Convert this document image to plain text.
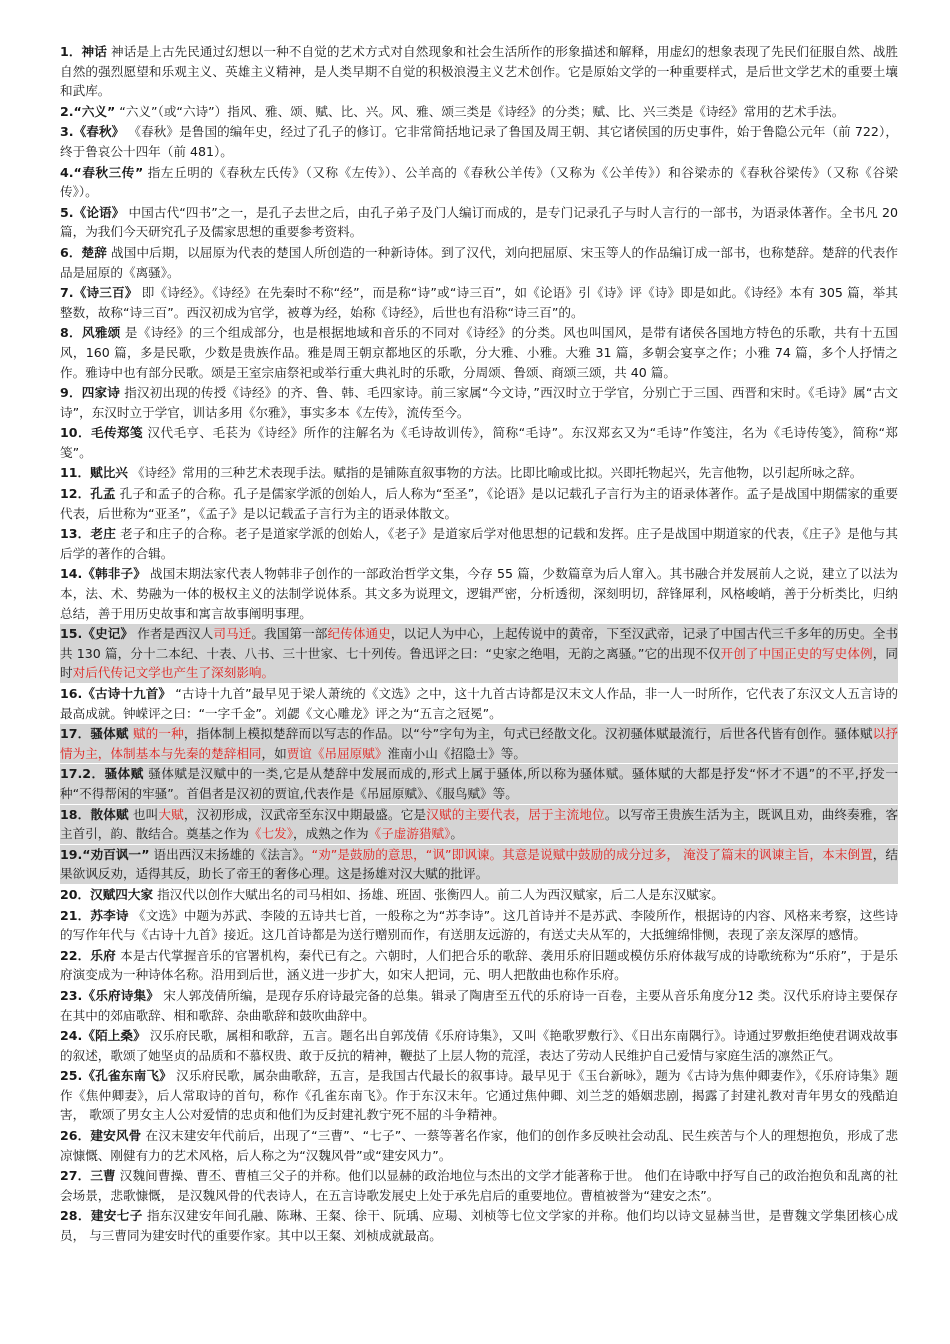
1．神话 神话是上古先民通过幻想以一种不自觉的艺术方式对自然现象和社会生活所作的形象描述和解释，用虚幻的想象表现了先民们征服自然、战胜自然的强烈愿望和乐观主义、英雄主义精神，是人类早期不自觉的积极浪漫主义艺术创作。它是原始文学的一种重要样式，是后世文学艺术的重要土壤和武库。

2.“六义” “六义”（或“六诗”）指风、雅、颂、赋、比、兴。风、雅、颂三类是《诗经》的分类；赋、比、兴三类是《诗经》常用的艺术手法。

3.《春秋》 《春秋》是鲁国的编年史，经过了孔子的修订。它非常简括地记录了鲁国及周王朝、其它诸侯国的历史事件，始于鲁隐公元年（前 722），终于鲁哀公十四年（前 481）。

4.“春秋三传” 指左丘明的《春秋左氏传》（又称《左传》）、公羊高的《春秋公羊传》（又称为《公羊传》）和谷梁赤的《春秋谷梁传》（又称《谷梁传》）。

5.《论语》 中国古代“四书”之一，是孔子去世之后，由孔子弟子及门人编订而成的，是专门记录孔子与时人言行的一部书，为语录体著作。全书凡 20 篇，为我们今天研究孔子及儒家思想的重要参考资料。

6．楚辞 战国中后期，以屈原为代表的楚国人所创造的一种新诗体。到了汉代，刘向把屈原、宋玉等人的作品编订成一部书，也称楚辞。楚辞的代表作品是屈原的《离骚》。

7.《诗三百》 即《诗经》。《诗经》在先秦时不称“经”，而是称“诗”或“诗三百”，如《论语》引《诗》评《诗》即是如此。《诗经》本有 305 篇，举其整数，故称“诗三百”。西汉初成为官学，被尊为经，始称《诗经》，后世也有沿称“诗三百”的。

8．风雅颂 是《诗经》的三个组成部分，也是根据地域和音乐的不同对《诗经》的分类。风也叫国风，是带有诸侯各国地方特色的乐歌，共有十五国风，160 篇，多是民歌，少数是贵族作品。雅是周王朝京都地区的乐歌，分大雅、小雅。大雅 31 篇，多朝会宴享之作；小雅 74 篇，多个人抒情之作。雅诗中也有部分民歌。颂是王室宗庙祭祀或举行重大典礼时的乐歌，分周颂、鲁颂、商颂三颂，共 40 篇。

9．四家诗 指汉初出现的传授《诗经》的齐、鲁、韩、毛四家诗。前三家属“今文诗，”西汉时立于学官，分别亡于三国、西晋和宋时。《毛诗》属“古文诗”，东汉时立于学官，训诂多用《尔雅》，事实多本《左传》，流传至今。

10．毛传郑笺 汉代毛亨、毛苌为《诗经》所作的注解名为《毛诗故训传》，简称“毛诗”。东汉郑玄又为“毛诗”作笺注，名为《毛诗传笺》，简称“郑笺”。

11．赋比兴 《诗经》常用的三种艺术表现手法。赋指的是铺陈直叙事物的方法。比即比喻或比拟。兴即托物起兴，先言他物，以引起所咏之辞。

12．孔孟 孔子和孟子的合称。孔子是儒家学派的创始人，后人称为“至圣”，《论语》是以记载孔子言行为主的语录体著作。孟子是战国中期儒家的重要代表，后世称为“亚圣”，《孟子》是以记载孟子言行为主的语录体散文。

13．老庄 老子和庄子的合称。老子是道家学派的创始人，《老子》是道家后学对他思想的记载和发挥。庄子是战国中期道家的代表，《庄子》是他与其后学的著作的合辑。

14.《韩非子》 战国末期法家代表人物韩非子创作的一部政治哲学文集，今存 55 篇，少数篇章为后人窜入。其书融合并发展前人之说，建立了以法为本，法、术、势融为一体的极权主义的法制学说体系。其文多为说理文，逻辑严密，分析透彻，深刻明切，辞锋犀利，风格峻峭，善于分析类比，归纳总结，善于用历史故事和寓言故事阐明事理。

15.《史记》 作者是西汉人司马迁。我国第一部纪传体通史，以记人为中心，上起传说中的黄帝，下至汉武帝，记录了中国古代三千多年的历史。全书共 130 篇，分十二本纪、十表、八书、三十世家、七十列传。鲁迅评之曰：“史家之绝唱，无韵之离骚。”它的出现不仅开创了中国正史的写史体例，同时对后代传记文学也产生了深刻影响。

16.《古诗十九首》 “古诗十九首”最早见于梁人萧统的《文选》之中，这十九首古诗都是汉末文人作品，非一人一时所作，它代表了东汉文人五言诗的最高成就。钟嵘评之曰：“一字千金”。刘勰《文心雕龙》评之为“五言之冠冕”。

17．骚体赋 赋的一种，指体制上模拟楚辞而以写志的作品。以“兮”字句为主，句式已经散文化。汉初骚体赋最流行，后世各代皆有创作。骚体赋以抒情为主，体制基本与先秦的楚辞相同，如贾谊《吊屈原赋》淮南小山《招隐士》等。

17.2．骚体赋 骚体赋是汉赋中的一类,它是从楚辞中发展而成的,形式上属于骚体,所以称为骚体赋。骚体赋的大都是抒发“怀才不遇”的不平,抒发一种“不得帮闲的牢骚”。首倡者是汉初的贾谊,代表作是《吊屈原赋》、《服鸟赋》等。

18．散体赋 也叫大赋，汉初形成，汉武帝至东汉中期最盛。它是汉赋的主要代表，居于主流地位。以写帝王贵族生活为主，既讽且劝，曲终奏雅，客主首引，韵、散结合。奠基之作为《七发》，成熟之作为《子虚游猎赋》。

19.“劝百讽一” 语出西汉末扬雄的《法言》。“劝”是鼓励的意思，“讽”即讽谏。其意是说赋中鼓励的成分过多， 淹没了篇末的讽谏主旨，本末倒置，结果欲讽反劝，适得其反，助长了帝王的奢侈心理。这是扬雄对汉大赋的批评。

20．汉赋四大家 指汉代以创作大赋出名的司马相如、扬雄、班固、张衡四人。前二人为西汉赋家，后二人是东汉赋家。

21．苏李诗 《文选》中题为苏武、李陵的五诗共七首，一般称之为“苏李诗”。这几首诗并不是苏武、李陵所作，根据诗的内容、风格来考察，这些诗的写作年代与《古诗十九首》接近。这几首诗都是为送行赠别而作，有送朋友远游的，有送丈夫从军的，大抵缠绵悱恻，表现了亲友深厚的感情。

22．乐府 本是古代掌握音乐的官署机构，秦代已有之。六朝时，人们把合乐的歌辞、袭用乐府旧题或模仿乐府体裁写成的诗歌统称为“乐府”，于是乐府演变成为一种诗体名称。沿用到后世，涵义进一步扩大，如宋人把词，元、明人把散曲也称作乐府。

23.《乐府诗集》 宋人郭茂倩所编，是现存乐府诗最完备的总集。辑录了陶唐至五代的乐府诗一百卷，主要从音乐角度分12 类。汉代乐府诗主要保存在其中的郊庙歌辞、相和歌辞、杂曲歌辞和鼓吹曲辞中。

24.《陌上桑》 汉乐府民歌，属相和歌辞，五言。题名出自郭茂倩《乐府诗集》，又叫《艳歌罗敷行》、《日出东南隅行》。诗通过罗敷拒绝使君调戏故事的叙述，歌颂了她坚贞的品质和不慕权贵、敢于反抗的精神，鞭挞了上层人物的荒淫，表达了劳动人民维护自己爱情与家庭生活的凛然正气。

25.《孔雀东南飞》 汉乐府民歌，属杂曲歌辞，五言，是我国古代最长的叙事诗。最早见于《玉台新咏》，题为《古诗为焦仲卿妻作》，《乐府诗集》题作《焦仲卿妻》，后人常取诗的首句，称作《孔雀东南飞》。作于东汉末年。它通过焦仲卿、刘兰芝的婚姻悲剧，揭露了封建礼教对青年男女的残酷迫害， 歌颂了男女主人公对爱情的忠贞和他们为反封建礼教宁死不屈的斗争精神。

26．建安风骨 在汉末建安年代前后，出现了“三曹”、“七子”、一蔡等著名作家，他们的创作多反映社会动乱、民生疾苦与个人的理想抱负，形成了悲凉慷慨、刚健有力的艺术风格，后人称之为“汉魏风骨”或“建安风力”。

27．三曹 汉魏间曹操、曹丕、曹植三父子的并称。他们以显赫的政治地位与杰出的文学才能著称于世。 他们在诗歌中抒写自己的政治抱负和乱离的社会场景，悲歌慷慨， 是汉魏风骨的代表诗人，在五言诗歌发展史上处于承先启后的重要地位。曹植被誉为“建安之杰”。

28．建安七子 指东汉建安年间孔融、陈琳、王粲、徐干、阮瑀、应瑒、刘桢等七位文学家的并称。他们均以诗文显赫当世，是曹魏文学集团核心成员， 与三曹同为建安时代的重要作家。其中以王粲、刘桢成就最高。
